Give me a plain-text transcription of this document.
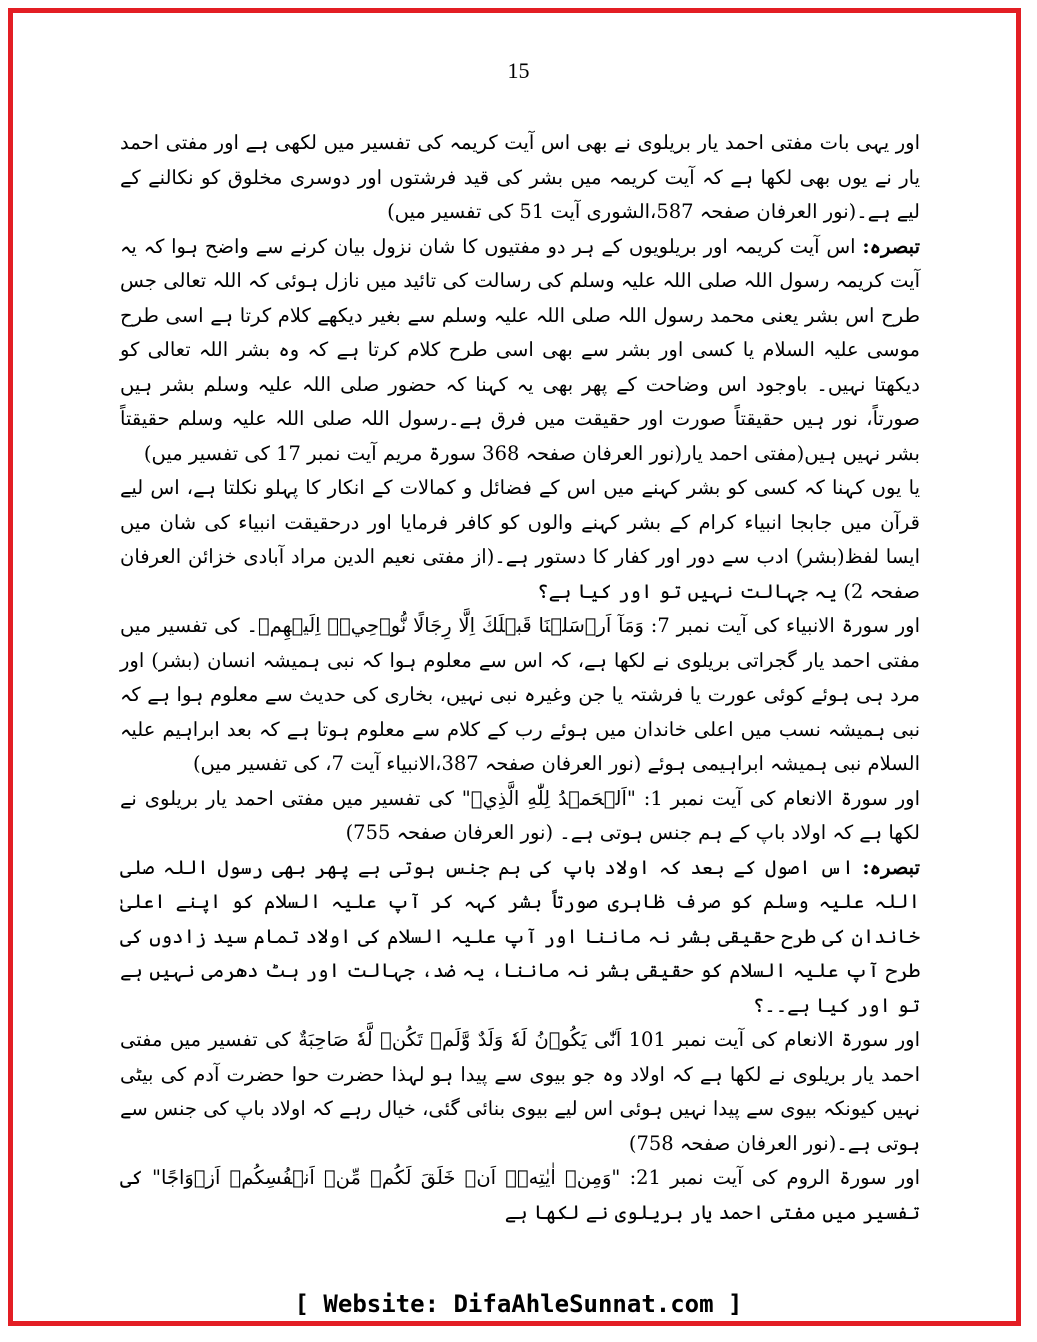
15

اور یہی بات مفتی احمد یار بریلوی نے بھی اس آیت کریمہ کی تفسیر میں لکھی ہے اور مفتی احمد یار نے یوں بھی لکھا ہے کہ آیت کریمہ میں بشر کی قید فرشتوں اور دوسری مخلوق کو نکالنے کے لیے ہے۔(نور العرفان صفحہ 587،الشوری آیت 51 کی تفسیر میں)

تبصرہ: اس آیت کریمہ اور بریلویوں کے ہر دو مفتیوں کا شان نزول بیان کرنے سے واضح ہوا کہ یہ آیت کریمہ رسول اللہ صلی اللہ علیہ وسلم کی رسالت کی تائید میں نازل ہوئی کہ اللہ تعالی جس طرح اس بشر یعنی محمد رسول اللہ صلی اللہ علیہ وسلم سے بغیر دیکھے کلام کرتا ہے اسی طرح موسی علیہ السلام یا کسی اور بشر سے بھی اسی طرح کلام کرتا ہے کہ وہ بشر اللہ تعالی کو دیکھتا نہیں۔ باوجود اس وضاحت کے پھر بھی یہ کہنا کہ حضور صلی اللہ علیہ وسلم بشر ہیں صورتاً، نور ہیں حقیقتاً صورت اور حقیقت میں فرق ہے۔رسول اللہ صلی اللہ علیہ وسلم حقیقتاً بشر نہیں ہیں(مفتی احمد یار(نور العرفان صفحہ 368 سورۃ مریم آیت نمبر 17 کی تفسیر میں)

یا یوں کہنا کہ کسی کو بشر کہنے میں اس کے فضائل و کمالات کے انکار کا پہلو نکلتا ہے، اس لیے قرآن میں جابجا انبیاء کرام کے بشر کہنے والوں کو کافر فرمایا اور درحقیقت انبیاء کی شان میں ایسا لفظ(بشر) ادب سے دور اور کفار کا دستور ہے۔(از مفتی نعیم الدین مراد آبادی خزائن العرفان صفحہ 2) یہ جہالت نہیں تو اور کیا ہے؟

اور سورۃ الانبیاء کی آیت نمبر 7: وَمَآ اَرۡسَلۡنَا قَبۡلَكَ اِلَّا رِجَالًا نُّوۡحِيۡۤ اِلَيۡهِمۡ۔ کی تفسیر میں مفتی احمد یار گجراتی بریلوی نے لکھا ہے، کہ اس سے معلوم ہوا کہ نبی ہمیشہ انسان (بشر) اور مرد ہی ہوئے کوئی عورت یا فرشتہ یا جن وغیرہ نبی نہیں، بخاری کی حدیث سے معلوم ہوا ہے کہ نبی ہمیشہ نسب میں اعلی خاندان میں ہوئے رب کے کلام سے معلوم ہوتا ہے کہ بعد ابراہیم علیہ السلام نبی ہمیشہ ابراہیمی ہوئے (نور العرفان صفحہ 387،الانبیاء آیت 7، کی تفسیر میں)

اور سورۃ الانعام کی آیت نمبر 1: "اَلۡحَمۡدُ لِلّٰهِ الَّذِيۡ" کی تفسیر میں مفتی احمد یار بریلوی نے لکھا ہے کہ اولاد باپ کے ہم جنس ہوتی ہے۔ (نور العرفان صفحہ 755)

تبصرہ: اس اصول کے بعد کہ اولاد باپ کی ہم جنس ہوتی ہے پھر بھی رسول اللہ صلی اللہ علیہ وسلم کو صرف ظاہری صورتاً بشر کہہ کر آپ علیہ السلام کو اپنے اعلیٰ خاندان کی طرح حقیقی بشر نہ ماننا اور آپ علیہ السلام کی اولاد تمام سید زادوں کی طرح آپ علیہ السلام کو حقیقی بشر نہ ماننا، یہ ضد، جہالت اور ہٹ دھرمی نہیں ہے تو اور کیا ہے۔۔؟

اور سورۃ الانعام کی آیت نمبر 101 اَنّٰى يَكُوۡنُ لَهٗ وَلَدٌ وَّلَمۡ تَكُنۡ لَّهٗ صَاحِبَةٌ کی تفسیر میں مفتی احمد یار بریلوی نے لکھا ہے کہ اولاد وہ جو بیوی سے پیدا ہو لہذا حضرت حوا حضرت آدم کی بیٹی نہیں کیونکہ بیوی سے پیدا نہیں ہوئی اس لیے بیوی بنائی گئی، خیال رہے کہ اولاد باپ کی جنس سے ہوتی ہے۔(نور العرفان صفحہ 758)

اور سورۃ الروم کی آیت نمبر 21: "وَمِنۡ اٰيٰتِهٖۤ اَنۡ خَلَقَ لَكُمۡ مِّنۡ اَنۡفُسِكُمۡ اَزۡوَاجًا" کی تفسیر میں مفتی احمد یار بریلوی نے لکھا ہے

[ Website: DifaAhleSunnat.com ]
